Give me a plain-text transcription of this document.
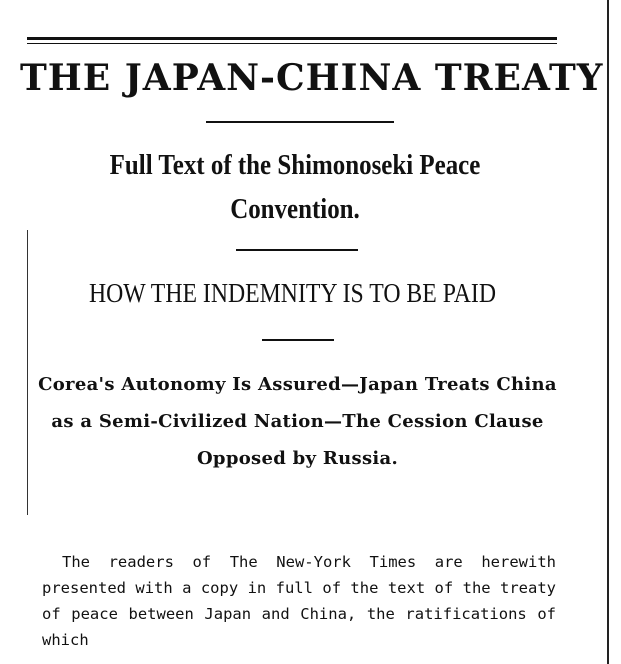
THE JAPAN-CHINA TREATY
Full Text of the Shimonoseki Peace Convention.
HOW THE INDEMNITY IS TO BE PAID
Corea's Autonomy Is Assured—Japan Treats China as a Semi-Civilized Nation—The Cession Clause Opposed by Russia.
The readers of The New-York Times are herewith presented with a copy in full of the text of the treaty of peace between Japan and China, the ratifications of which
